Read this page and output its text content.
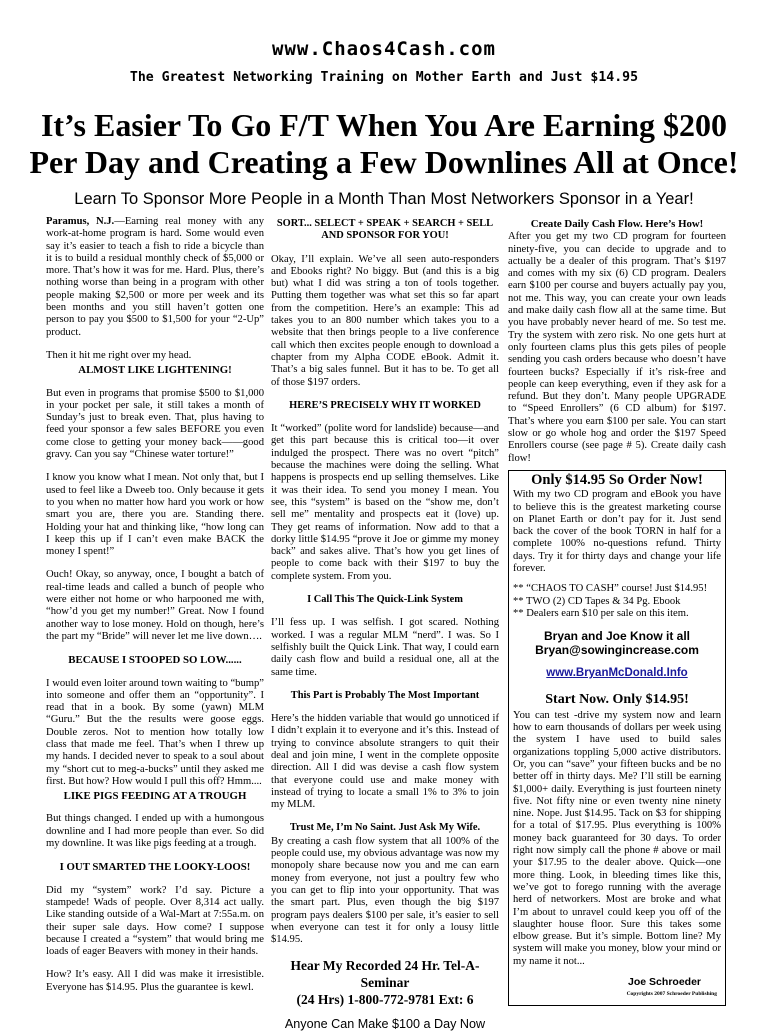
www.Chaos4Cash.com
The Greatest Networking Training on Mother Earth and Just $14.95
It’s Easier To Go F/T When You Are Earning $200 Per Day and Creating a Few Downlines All at Once!
Learn To Sponsor More People in a Month Than Most Networkers Sponsor in a Year!

Paramus, N.J.—Earning real money with any work-at-home program is hard. Some would even say it’s easier to teach a fish to ride a bicycle than it is to build a residual monthly check of $5,000 or more. That’s how it was for me. Hard. Plus, there’s nothing worse than being in a program with other people making $2,500 or more per week and its been months and you still haven’t gotten one person to pay you $500 to $1,500 for your “2-Up” product.

Then it hit me right over my head.

ALMOST LIKE LIGHTENING!

But even in programs that promise $500 to $1,000 in your pocket per sale, it still takes a month of Sunday’s just to break even. That, plus having to feed your sponsor a few sales BEFORE you even come close to getting your money back——good gravy. Can you say “Chinese water torture!”

I know you know what I mean. Not only that, but I used to feel like a Dweeb too. Only because it gets to you when no matter how hard you work or how smart you are, there you are. Standing there. Holding your hat and thinking like, “how long can I keep this up if I can’t even make BACK the money I spent!”

Ouch! Okay, so anyway, once, I bought a batch of real-time leads and called a bunch of people who were either not home or who harpooned me with, “how’d you get my number!” Great. Now I found another way to lose money. Hold on though, here’s the part my “Bride” will never let me live down….

BECAUSE I STOOPED SO LOW......

I would even loiter around town waiting to “bump” into someone and offer them an “opportunity”. I read that in a book. By some (yawn) MLM “Guru.” But the the results were goose eggs. Double zeros. Not to mention how totally low class that made me feel. That’s when I threw up my hands. I decided never to speak to a soul about my “short cut to meg-a-bucks” until they asked me first. But how? How would I pull this off? Hmm....

LIKE PIGS FEEDING AT A TROUGH

But things changed. I ended up with a humongous downline and I had more people than ever. So did my downline. It was like pigs feeding at a trough.

I OUT SMARTED THE LOOKY-LOOS!

Did my “system” work? I’d say. Picture a stampede! Wads of people. Over 8,314 act ually. Like standing outside of a Wal-Mart at 7:55a.m. on their super sale days. How come? I suppose because I created a “system” that would bring me loads of eager Beavers with money in their hands.

How? It’s easy. All I did was make it irresistible. Everyone has $14.95. Plus the guarantee is kewl.

SORT... SELECT + SPEAK + SEARCH + SELL AND SPONSOR FOR YOU!

Okay, I’ll explain. We’ve all seen auto-responders and Ebooks right? No biggy. But (and this is a big but) what I did was string a ton of tools together. Putting them together was what set this so far apart from the competition. Here’s an example: This ad takes you to an 800 number which takes you to a website that then brings people to a live conference call which then excites people enough to download a chapter from my Alpha CODE eBook. Admit it. That’s a big sales funnel. But it has to be. To get all of those $197 orders.

HERE’S PRECISELY WHY IT WORKED

It “worked” (polite word for landslide) because—and get this part because this is critical too—it over indulged the prospect. There was no overt “pitch” because the machines were doing the selling. What happens is prospects end up selling themselves. Like it was their idea. To send you money I mean. You see, this “system” is based on the “show me, don’t sell me” mentality and prospects eat it (love) up. They get reams of information. Now add to that a dorky little $14.95 “prove it Joe or gimme my money back” and sakes alive. That’s how you get lines of people to come back with their $197 to buy the complete system. From you.

I Call This The Quick-Link System

I’ll fess up. I was selfish. I got scared. Nothing worked. I was a regular MLM “nerd”. I was. So I selfishly built the Quick Link. That way, I could earn daily cash flow and build a residual one, all at the same time.

This Part is Probably The Most Important

Here’s the hidden variable that would go unnoticed if I didn’t explain it to everyone and it’s this. Instead of trying to convince absolute strangers to quit their deal and join mine, I went in the complete opposite direction. All I did was devise a cash flow system that everyone could use and make money with instead of trying to locate a small 1% to 3% to join my MLM.

Trust Me, I’m No Saint. Just Ask My Wife.

By creating a cash flow system that all 100% of the people could use, my obvious advantage was now my monopoly share because now you and me can earn money from everyone, not just a poultry few who you can get to flip into your opportunity. That was the smart part. Plus, even though the big $197 program pays dealers $100 per sale, it’s easier to sell when everyone can test it for only a lousy little $14.95.

Hear My Recorded 24 Hr. Tel-A-Seminar
(24 Hrs) 1-800-772-9781 Ext: 6
Anyone Can Make $100 a Day Now
Create Daily Cash Flow. Here’s How!

After you get my two CD program for fourteen ninety-five, you can decide to upgrade and to actually be a dealer of this program. That’s $197 and comes with my six (6) CD program. Dealers earn $100 per course and buyers actually pay you, not me. This way, you can create your own leads and make daily cash flow all at the same time. But you have probably never heard of me. So test me. Try the system with zero risk. No one gets hurt at only fourteen clams plus this gets piles of people sending you cash orders because who doesn’t have fourteen bucks? Especially if it’s risk-free and people can keep everything, even if they ask for a refund. But they don’t. Many people UPGRADE to “Speed Enrollers” (6 CD album) for $197. That’s where you earn $100 per sale. You can start slow or go whole hog and order the $197 Speed Enrollers course (see page # 5). Create daily cash flow!

Only $14.95 So Order Now!

With my two CD program and eBook you have to believe this is the greatest marketing course on Planet Earth or don’t pay for it. Just send back the cover of the book TORN in half for a complete 100% no-questions refund. Thirty days. Try it for thirty days and change your life forever.

** “CHAOS TO CASH” course! Just $14.95!

** TWO (2) CD Tapes & 34 Pg. Ebook

** Dealers earn $10 per sale on this item.

Bryan and Joe Know it all
Bryan@sowingincrease.com
www.BryanMcDonald.Info
Start Now. Only $14.95!

You can test -drive my system now and learn how to earn thousands of dollars per week using the system I have used to build sales organizations toppling 5,000 active distributors. Or, you can “save” your fifteen bucks and be no better off in thirty days. Me? I’ll still be earning $1,000+ daily. Everything is just fourteen ninety five. Not fifty nine or even twenty nine ninety nine. Nope. Just $14.95. Tack on $3 for shipping for a total of $17.95. Plus everything is 100% money back guaranteed for 30 days. To order right now simply call the phone # above or mail your $17.95 to the dealer above. Quick—one more thing. Look, in bleeding times like this, we’ve got to forego running with the average herd of networkers. Most are broke and what I’m about to unravel could keep you off of the slaughter house floor. Sure this takes some elbow grease. But it’s simple. Bottom line? My system will make you money, blow your mind or my name it not...

Joe Schroeder
Copyrights 2007 Schroeder Publishing
